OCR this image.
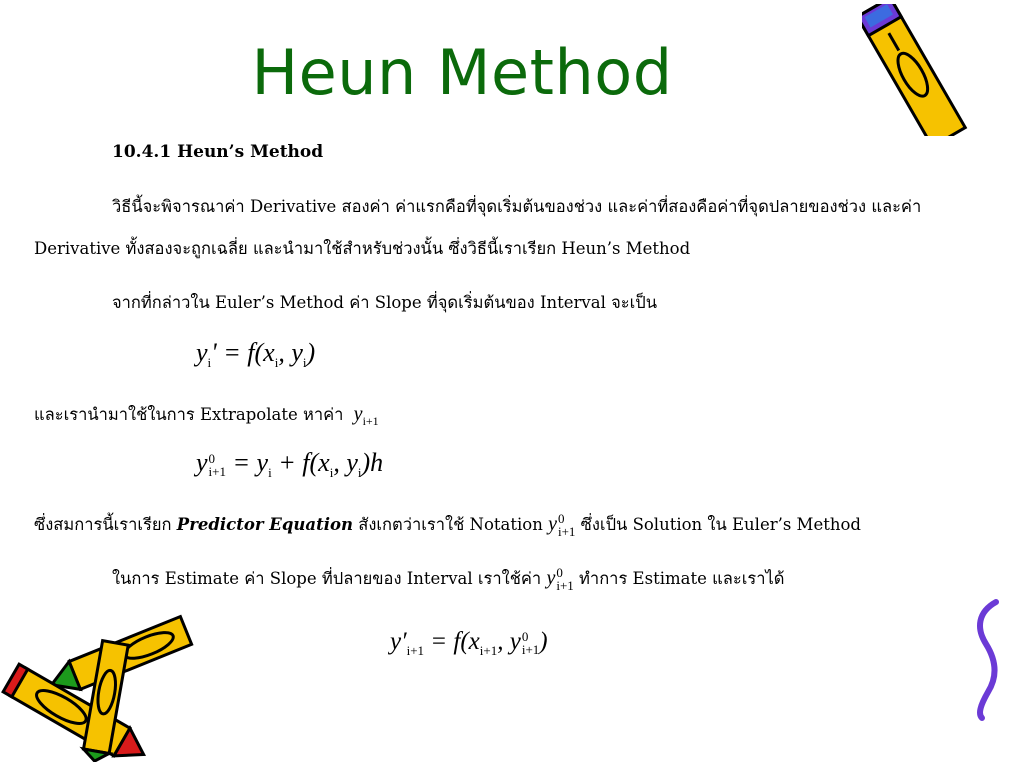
Heun Method
10.4.1 Heun’s Method
วิธีนี้จะพิจารณาค่า Derivative สองค่า ค่าแรกคือที่จุดเริ่มต้นของช่วง และค่าที่สองคือค่าที่จุดปลายของช่วง และค่า
Derivative ทั้งสองจะถูกเฉลี่ย และนำมาใช้สำหรับช่วงนั้น ซึ่งวิธีนี้เราเรียก Heun’s Method
จากที่กล่าวใน Euler’s Method ค่า Slope ที่จุดเริ่มต้นของ Interval จะเป็น
$y_i' = f(x_i$, $y_i$)
และเรานำมาใช้ในการ Extrapolate หาค่า $y_{i+1}$
y 0
$i+1 = y_i + f(x_i$, $y_i)h$
ซึ่งสมการนี้เราเรียก Predictor Equation สังเกตว่าเราใช้ Notation y 0
i+1 ซึ่งเป็น Solution ใน Euler’s Method
ในการ Estimate ค่า Slope ที่ปลายของ Interval เราใช้ค่า y 0
i+1 ทำการ Estimate และเราได้
$y'_{i+1} = f(x_{i+1}$, y 0
i+1 )
